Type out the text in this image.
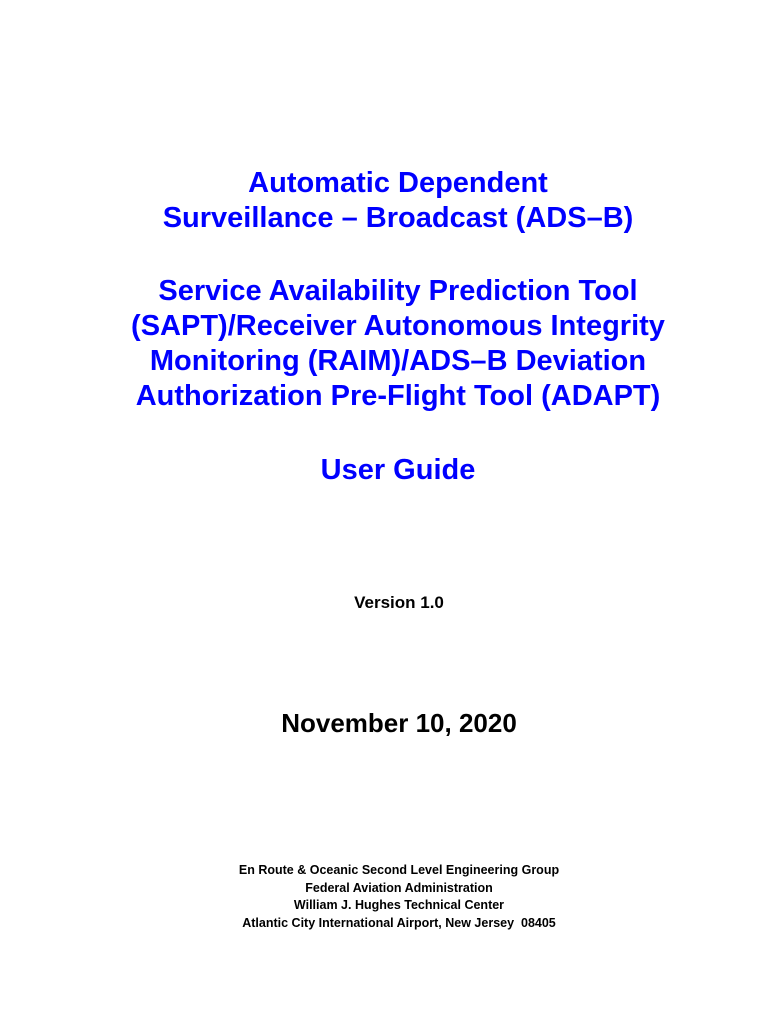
Automatic Dependent
Surveillance – Broadcast (ADS–B)
Service Availability Prediction Tool
(SAPT)/Receiver Autonomous Integrity
Monitoring (RAIM)/ADS–B Deviation
Authorization Pre-Flight Tool (ADAPT)
User Guide
Version 1.0
November 10, 2020
En Route & Oceanic Second Level Engineering Group
Federal Aviation Administration
William J. Hughes Technical Center
Atlantic City International Airport, New Jersey  08405
